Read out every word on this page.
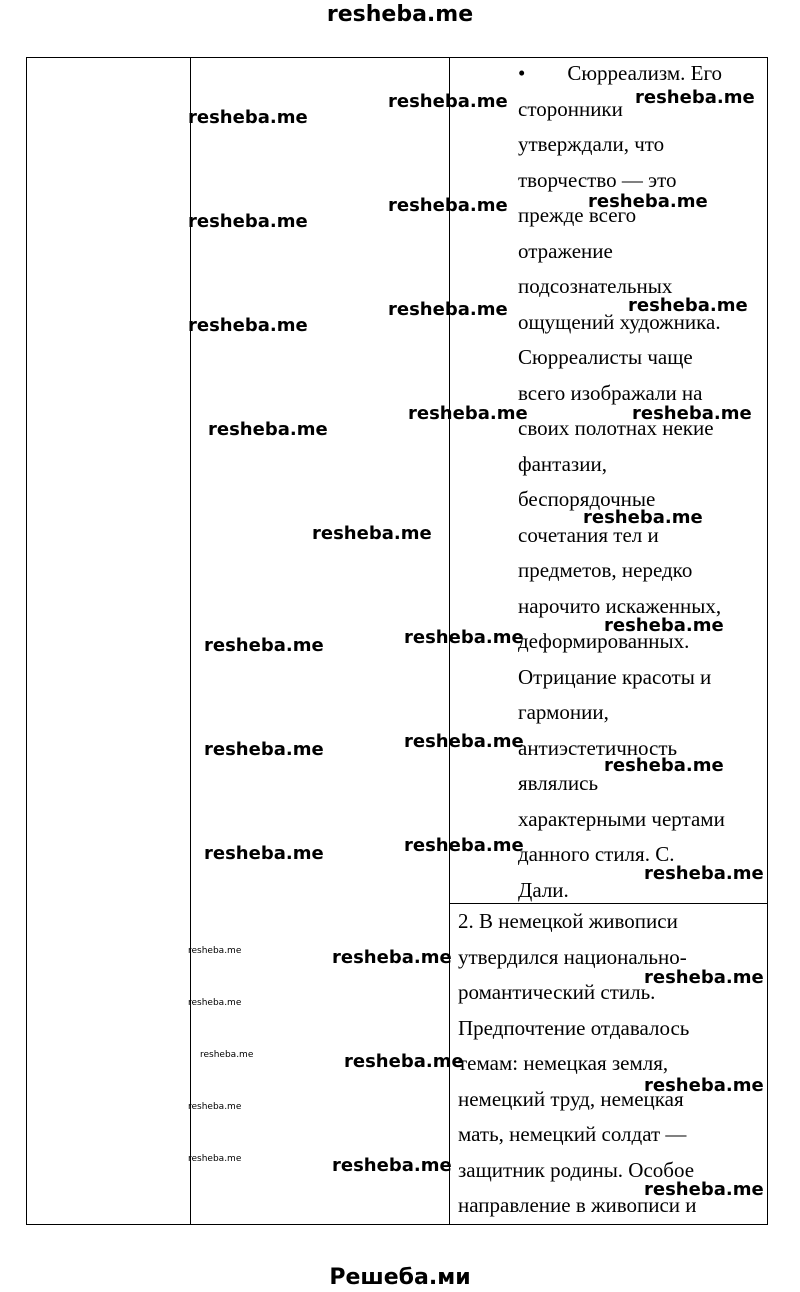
resheba.me
•        Сюрреализм. Его
сторонники
утверждали, что
творчество — это
прежде всего
отражение
подсознательных
ощущений художника.
Сюрреалисты чаще
всего изображали на
своих полотнах некие
фантазии,
беспорядочные
сочетания тел и
предметов, нередко
нарочито искаженных,
деформированных.
Отрицание красоты и
гармонии,
антиэстетичность
являлись
характерными чертами
данного стиля. С.
Дали.
2. В немецкой живописи
утвердился национально-
романтический стиль.
Предпочтение отдавалось
темам: немецкая земля,
немецкий труд, немецкая
мать, немецкий солдат —
защитник родины. Особое
направление в живописи и
resheba.me
resheba.me	resheba.me
resheba.me
resheba.me	resheba.me
resheba.me
resheba.me	resheba.me
resheba.me
resheba.me	resheba.me
resheba.me
resheba.me
resheba.me	resheba.me
resheba.me
resheba.me	resheba.me
resheba.me
resheba.me	resheba.me
resheba.me
resheba.me
resheba.me
resheba.me
resheba.me
resheba.me
resheba.me
resheba.me
resheba.me
resheba.me
resheba.me
resheba.me
Решеба.ми
